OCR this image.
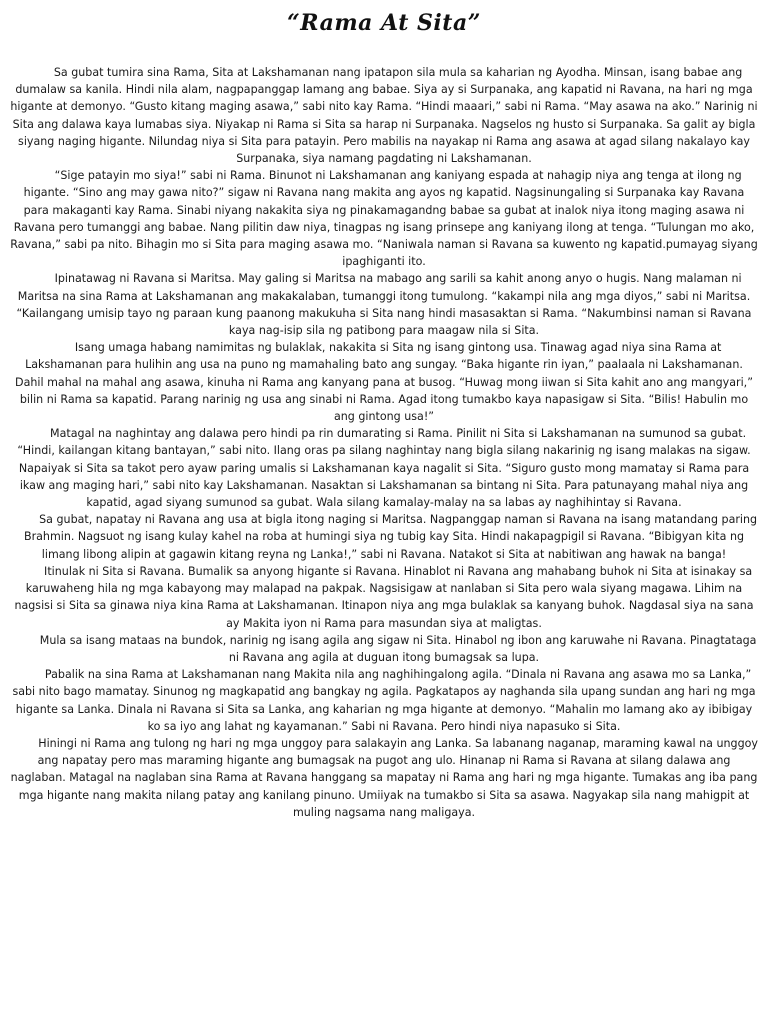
“Rama At Sita”

Sa gubat tumira sina Rama, Sita at Lakshamanan nang ipatapon sila mula sa kaharian ng Ayodha. Minsan, isang babae ang dumalaw sa kanila. Hindi nila alam, nagpapanggap lamang ang babae. Siya ay si Surpanaka, ang kapatid ni Ravana, na hari ng mga higante at demonyo. “Gusto kitang maging asawa,” sabi nito kay Rama. “Hindi maaari,” sabi ni Rama. “May asawa na ako.” Narinig ni Sita ang dalawa kaya lumabas siya. Niyakap ni Rama si Sita sa harap ni Surpanaka. Nagselos ng husto si Surpanaka. Sa galit ay bigla siyang naging higante. Nilundag niya si Sita para patayin. Pero mabilis na nayakap ni Rama ang asawa at agad silang nakalayo kay Surpanaka, siya namang pagdating ni Lakshamanan.

“Sige patayin mo siya!” sabi ni Rama. Binunot ni Lakshamanan ang kaniyang espada at nahagip niya ang tenga at ilong ng higante. “Sino ang may gawa nito?” sigaw ni Ravana nang makita ang ayos ng kapatid. Nagsinungaling si Surpanaka kay Ravana para makaganti kay Rama. Sinabi niyang nakakita siya ng pinakamagandng babae sa gubat at inalok niya itong maging asawa ni Ravana pero tumanggi ang babae. Nang pilitin daw niya, tinagpas ng isang prinsepe ang kaniyang ilong at tenga. “Tulungan mo ako, Ravana,” sabi pa nito. Bihagin mo si Sita para maging asawa mo. “Naniwala naman si Ravana sa kuwento ng kapatid.pumayag siyang ipaghiganti ito.

Ipinatawag ni Ravana si Maritsa. May galing si Maritsa na mabago ang sarili sa kahit anong anyo o hugis. Nang malaman ni Maritsa na sina Rama at Lakshamanan ang makakalaban, tumanggi itong tumulong. “kakampi nila ang mga diyos,” sabi ni Maritsa. “Kailangang umisip tayo ng paraan kung paanong makukuha si Sita nang hindi masasaktan si Rama. “Nakumbinsi naman si Ravana kaya nag-isip sila ng patibong para maagaw nila si Sita.

Isang umaga habang namimitas ng bulaklak, nakakita si Sita ng isang gintong usa. Tinawag agad niya sina Rama at Lakshamanan para hulihin ang usa na puno ng mamahaling bato ang sungay. “Baka higante rin iyan,” paalaala ni Lakshamanan. Dahil mahal na mahal ang asawa, kinuha ni Rama ang kanyang pana at busog. “Huwag mong iiwan si Sita kahit ano ang mangyari,” bilin ni Rama sa kapatid. Parang narinig ng usa ang sinabi ni Rama. Agad itong tumakbo kaya napasigaw si Sita. “Bilis! Habulin mo ang gintong usa!”

Matagal na naghintay ang dalawa pero hindi pa rin dumarating si Rama. Pinilit ni Sita si Lakshamanan na sumunod sa gubat. “Hindi, kailangan kitang bantayan,” sabi nito. Ilang oras pa silang naghintay nang bigla silang nakarinig ng isang malakas na sigaw. Napaiyak si Sita sa takot pero ayaw paring umalis si Lakshamanan kaya nagalit si Sita. “Siguro gusto mong mamatay si Rama para ikaw ang maging hari,” sabi nito kay Lakshamanan. Nasaktan si Lakshamanan sa bintang ni Sita. Para patunayang mahal niya ang kapatid, agad siyang sumunod sa gubat. Wala silang kamalay-malay na sa labas ay naghihintay si Ravana.

Sa gubat, napatay ni Ravana ang usa at bigla itong naging si Maritsa. Nagpanggap naman si Ravana na isang matandang paring Brahmin. Nagsuot ng isang kulay kahel na roba at humingi siya ng tubig kay Sita. Hindi nakapagpigil si Ravana. “Bibigyan kita ng limang libong alipin at gagawin kitang reyna ng Lanka!,” sabi ni Ravana. Natakot si Sita at nabitiwan ang hawak na banga!

Itinulak ni Sita si Ravana. Bumalik sa anyong higante si Ravana. Hinablot ni Ravana ang mahabang buhok ni Sita at isinakay sa karuwaheng hila ng mga kabayong may malapad na pakpak. Nagsisigaw at nanlaban si Sita pero wala siyang magawa. Lihim na nagsisi si Sita sa ginawa niya kina Rama at Lakshamanan. Itinapon niya ang mga bulaklak sa kanyang buhok. Nagdasal siya na sana ay Makita iyon ni Rama para masundan siya at maligtas.

Mula sa isang mataas na bundok, narinig ng isang agila ang sigaw ni Sita. Hinabol ng ibon ang karuwahe ni Ravana. Pinagtataga ni Ravana ang agila at duguan itong bumagsak sa lupa.

Pabalik na sina Rama at Lakshamanan nang Makita nila ang naghihingalong agila. “Dinala ni Ravana ang asawa mo sa Lanka,” sabi nito bago mamatay. Sinunog ng magkapatid ang bangkay ng agila. Pagkatapos ay naghanda sila upang sundan ang hari ng mga higante sa Lanka. Dinala ni Ravana si Sita sa Lanka, ang kaharian ng mga higante at demonyo. “Mahalin mo lamang ako ay ibibigay ko sa iyo ang lahat ng kayamanan.” Sabi ni Ravana. Pero hindi niya napasuko si Sita.

Hiningi ni Rama ang tulong ng hari ng mga unggoy para salakayin ang Lanka. Sa labanang naganap, maraming kawal na unggoy ang napatay pero mas maraming higante ang bumagsak na pugot ang ulo. Hinanap ni Rama si Ravana at silang dalawa ang naglaban. Matagal na naglaban sina Rama at Ravana hanggang sa mapatay ni Rama ang hari ng mga higante. Tumakas ang iba pang mga higante nang makita nilang patay ang kanilang pinuno. Umiiyak na tumakbo si Sita sa asawa. Nagyakap sila nang mahigpit at muling nagsama nang maligaya.
